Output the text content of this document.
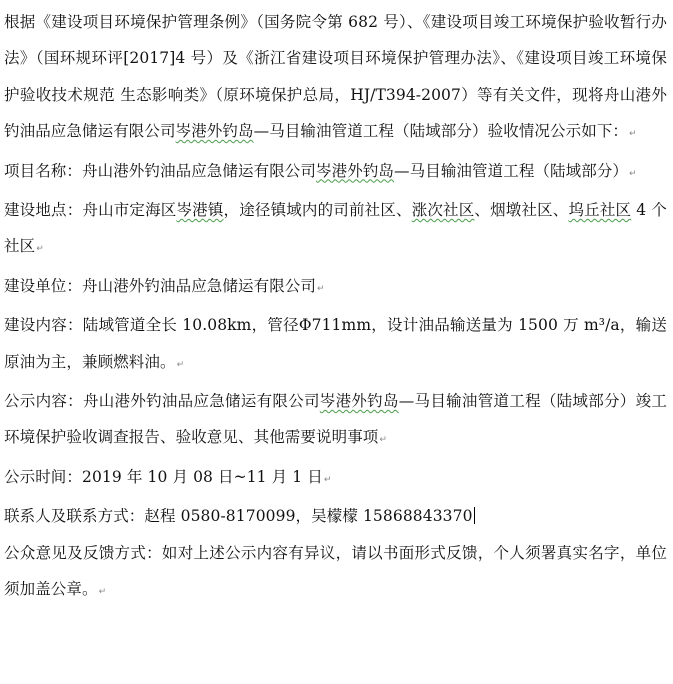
根据《建设项目环境保护管理条例》（国务院令第 682 号）、《建设项目竣工环境保护验收暂行办法》（国环规环评[2017]4 号）及《浙江省建设项目环境保护管理办法》、《建设项目竣工环境保护验收技术规范 生态影响类》（原环境保护总局，HJ/T394-2007）等有关文件，现将舟山港外钓油品应急储运有限公司岑港外钓岛—马目输油管道工程（陆域部分）验收情况公示如下：↵

项目名称：舟山港外钓油品应急储运有限公司岑港外钓岛—马目输油管道工程（陆域部分）↵

建设地点：舟山市定海区岑港镇，途径镇域内的司前社区、涨次社区、烟墩社区、坞丘社区 4 个社区↵

建设单位：舟山港外钓油品应急储运有限公司↵

建设内容：陆域管道全长 10.08km，管径Φ711mm，设计油品输送量为 1500 万 m³/a，输送原油为主，兼顾燃料油。↵

公示内容：舟山港外钓油品应急储运有限公司岑港外钓岛—马目输油管道工程（陆域部分）竣工环境保护验收调查报告、验收意见、其他需要说明事项↵

公示时间：2019 年 10 月 08 日~11 月 1 日↵

联系人及联系方式：赵程 0580-8170099，吴檬檬 15868843370

公众意见及反馈方式：如对上述公示内容有异议，请以书面形式反馈，个人须署真实名字，单位须加盖公章。↵
